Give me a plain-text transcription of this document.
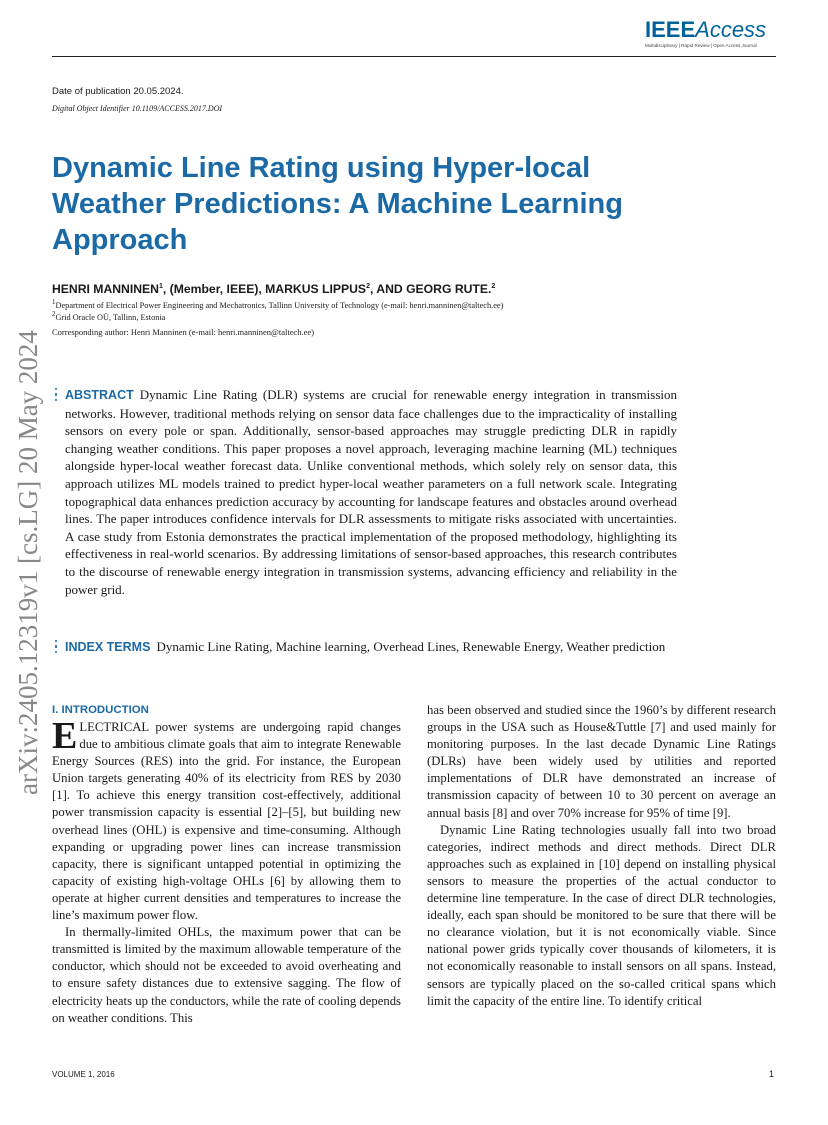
IEEEAccess
Multidisciplinary | Rapid Review | Open Access Journal
Date of publication 20.05.2024.
Digital Object Identifier 10.1109/ACCESS.2017.DOI
Dynamic Line Rating using Hyper-local Weather Predictions: A Machine Learning Approach
HENRI MANNINEN$^1$, (Member, IEEE), MARKUS LIPPUS$^2$, AND GEORG RUTE.$^2$
$^1$Department of Electrical Power Engineering and Mechatronics, Tallinn University of Technology (e-mail: henri.manninen@taltech.ee)
$^2$Grid Oracle OÜ, Tallinn, Estonia
Corresponding author: Henri Manninen (e-mail: henri.manninen@taltech.ee)
arXiv:2405.12319v1 [cs.LG] 20 May 2024	ABSTRACT Dynamic Line Rating (DLR) systems are crucial for renewable energy integration in transmission networks. However, traditional methods relying on sensor data face challenges due to the impracticality of installing sensors on every pole or span. Additionally, sensor-based approaches may struggle predicting DLR in rapidly changing weather conditions. This paper proposes a novel approach, leveraging machine learning (ML) techniques alongside hyper-local weather forecast data. Unlike conventional methods, which solely rely on sensor data, this approach utilizes ML models trained to predict hyper-local weather parameters on a full network scale. Integrating topographical data enhances prediction accuracy by accounting for landscape features and obstacles around overhead lines. The paper introduces confidence intervals for DLR assessments to mitigate risks associated with uncertainties. A case study from Estonia demonstrates the practical implementation of the proposed methodology, highlighting its effectiveness in real-world scenarios. By addressing limitations of sensor-based approaches, this research contributes to the discourse of renewable energy integration in transmission systems, advancing efficiency and reliability in the power grid.

INDEX TERMS Dynamic Line Rating, Machine learning, Overhead Lines, Renewable Energy, Weather prediction

I. INTRODUCTION

ELECTRICAL power systems are undergoing rapid changes due to ambitious climate goals that aim to integrate Renewable Energy Sources (RES) into the grid. For instance, the European Union targets generating 40% of its electricity from RES by 2030 [1]. To achieve this energy transition cost-effectively, additional power transmission capacity is essential [2]–[5], but building new overhead lines (OHL) is expensive and time-consuming. Although expanding or upgrading power lines can increase transmission capacity, there is significant untapped potential in optimizing the capacity of existing high-voltage OHLs [6] by allowing them to operate at higher current densities and temperatures to increase the line’s maximum power flow.

In thermally-limited OHLs, the maximum power that can be transmitted is limited by the maximum allowable temperature of the conductor, which should not be exceeded to avoid overheating and to ensure safety distances due to extensive sagging. The flow of electricity heats up the conductors, while the rate of cooling depends on weather conditions. This

has been observed and studied since the 1960’s by different research groups in the USA such as House&Tuttle [7] and used mainly for monitoring purposes. In the last decade Dynamic Line Ratings (DLRs) have been widely used by utilities and reported implementations of DLR have demonstrated an increase of transmission capacity of between 10 to 30 percent on average an annual basis [8] and over 70% increase for 95% of time [9].

Dynamic Line Rating technologies usually fall into two broad categories, indirect methods and direct methods. Direct DLR approaches such as explained in [10] depend on installing physical sensors to measure the properties of the actual conductor to determine line temperature. In the case of direct DLR technologies, ideally, each span should be monitored to be sure that there will be no clearance violation, but it is not economically viable. Since national power grids typically cover thousands of kilometers, it is not economically reasonable to install sensors on all spans. Instead, sensors are typically placed on the so-called critical spans which limit the capacity of the entire line. To identify critical

VOLUME 1, 2016	1
